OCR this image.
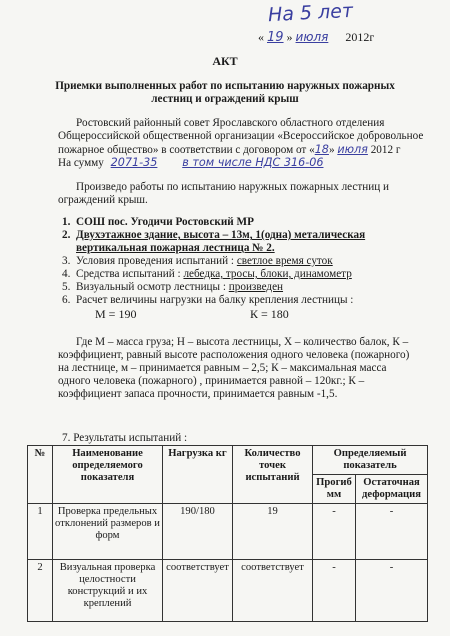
На 5 лет
« 19 » июля 2012г
АКТ
Приемки выполненных работ по испытанию наружных пожарных
лестниц и ограждений крыш
Ростовский районный совет Ярославского областного отделения
Общероссийской общественной организации «Всероссийское добровольное
пожарное общество» в соответствии с договором от «18» июля 2012 г
На сумму 2071-35 в том числе НДС 316-06
Произведо работы по испытанию наружных пожарных лестниц и
ограждений крыш.
1. СОШ пос. Угодичи Ростовский МР
2. Двухэтажное здание, высота – 13м, 1(одна) металическая
вертикальная пожарная лестница № 2.
3. Условия проведения испытаний : светлое время суток
4. Средства испытаний : лебедка, тросы, блоки, динамометр
5. Визуальный осмотр лестницы : произведен
6. Расчет величины нагрузки на балку крепления лестницы :
М = 190	К = 180
Где М – масса груза; Н – высота лестницы, Х – количество балок, К –
коэффициент, равный высоте расположения одного человека (пожарного)
на лестнице, м – принимается равным – 2,5; К – максимальная масса
одного человека (пожарного) , принимается равной – 120кг.; К –
коэффициент запаса прочности, принимается равным -1,5.
7. Результаты испытаний :
№	Наименование определяемого показателя	Нагрузка кг	Количество точек испытаний	Определяемый показатель	
				Прогиб мм	Остаточная деформация
1	Проверка предельных отклонений размеров и форм	190/180	19	-	-
2	Визуальная проверка целостности конструкций и их креплений	соответствует	соответствует	-	-
